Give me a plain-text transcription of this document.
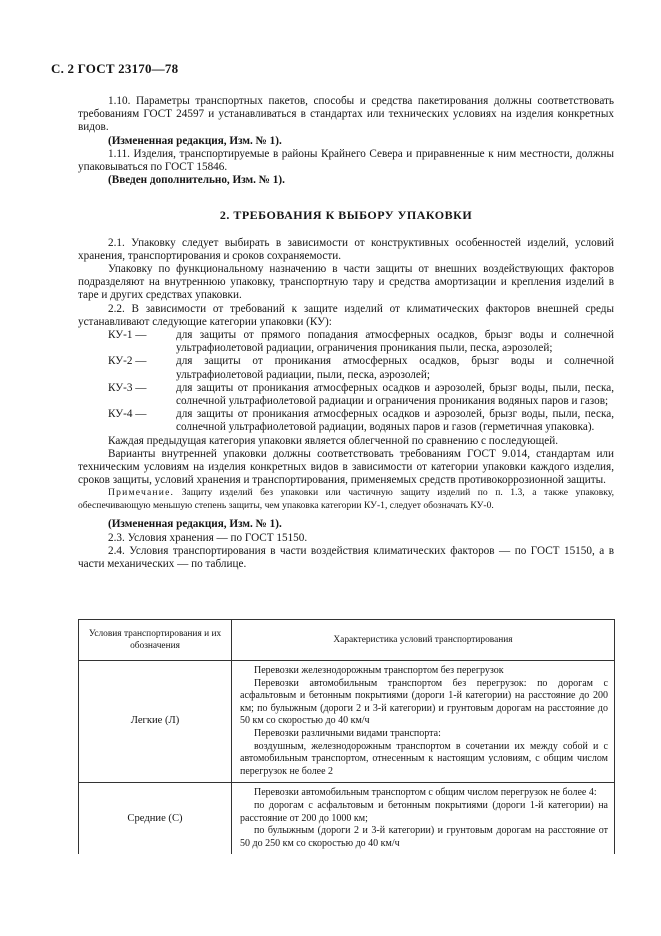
С. 2 ГОСТ 23170—78

1.10. Параметры транспортных пакетов, способы и средства пакетирования должны соответствовать требованиям ГОСТ 24597 и устанавливаться в стандартах или технических условиях на изделия конкретных видов.

(Измененная редакция, Изм. № 1).

1.11. Изделия, транспортируемые в районы Крайнего Севера и приравненные к ним местности, должны упаковываться по ГОСТ 15846.

(Введен дополнительно, Изм. № 1).

2. ТРЕБОВАНИЯ К ВЫБОРУ УПАКОВКИ

2.1. Упаковку следует выбирать в зависимости от конструктивных особенностей изделий, условий хранения, транспортирования и сроков сохраняемости.

Упаковку по функциональному назначению в части защиты от внешних воздействующих факторов подразделяют на внутреннюю упаковку, транспортную тару и средства амортизации и крепления изделий в таре и других средствах упаковки.

2.2. В зависимости от требований к защите изделий от климатических факторов внешней среды устанавливают следующие категории упаковки (КУ):

КУ-1 —	для защиты от прямого попадания атмосферных осадков, брызг воды и солнечной ультрафиолетовой радиации, ограничения проникания пыли, песка, аэрозолей;
КУ-2 —	для защиты от проникания атмосферных осадков, брызг воды и солнечной ультрафиолетовой радиации, пыли, песка, аэрозолей;
КУ-3 —	для защиты от проникания атмосферных осадков и аэрозолей, брызг воды, пыли, песка, солнечной ультрафиолетовой радиации и ограничения проникания водяных паров и газов;
КУ-4 —	для защиты от проникания атмосферных осадков и аэрозолей, брызг воды, пыли, песка, солнечной ультрафиолетовой радиации, водяных паров и газов (герметичная упаковка).

Каждая предыдущая категория упаковки является облегченной по сравнению с последующей.

Варианты внутренней упаковки должны соответствовать требованиям ГОСТ 9.014, стандартам или техническим условиям на изделия конкретных видов в зависимости от категории упаковки каждого изделия, сроков защиты, условий хранения и транспортирования, применяемых средств противокоррозионной защиты.

Примечание. Защиту изделий без упаковки или частичную защиту изделий по п. 1.3, а также упаковку, обеспечивающую меньшую степень защиты, чем упаковка категории КУ-1, следует обозначать КУ-0.

(Измененная редакция, Изм. № 1).

2.3. Условия хранения — по ГОСТ 15150.

2.4. Условия транспортирования в части воздействия климатических факторов — по ГОСТ 15150, а в части механических — по таблице.

Условия транспортирования и их обозначения	Характеристика условий транспортирования
Легкие (Л)	Перевозки железнодорожным транспортом без перегрузок

Перевозки автомобильным транспортом без перегрузок: по дорогам с асфальтовым и бетонным покрытиями (дороги 1-й категории) на расстояние до 200 км; по булыжным (дороги 2 и 3-й категории) и грунтовым дорогам на расстояние до 50 км со скоростью до 40 км/ч

Перевозки различными видами транспорта:

воздушным, железнодорожным транспортом в сочетании их между собой и с автомобильным транспортом, отнесенным к настоящим условиям, с общим числом перегрузок не более 2

Средние (С)	Перевозки автомобильным транспортом с общим числом перегрузок не более 4:

по дорогам с асфальтовым и бетонным покрытиями (дороги 1-й категории) на расстояние от 200 до 1000 км;

по булыжным (дороги 2 и 3-й категории) и грунтовым дорогам на расстояние от 50 до 250 км со скоростью до 40 км/ч
